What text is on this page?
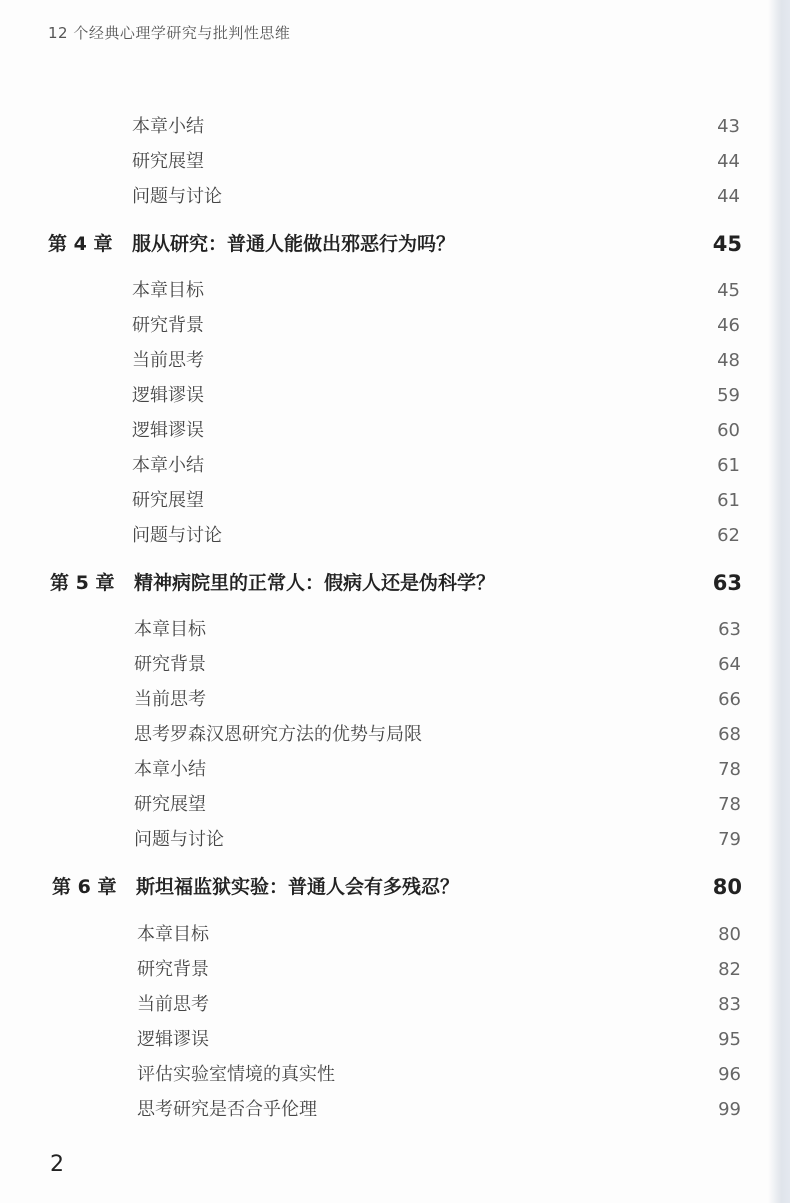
12 个经典心理学研究与批判性思维
本章小结	43
研究展望	44
问题与讨论	44
第 4 章 服从研究：普通人能做出邪恶行为吗？	45
本章目标	45
研究背景	46
当前思考	48
逻辑谬误	59
逻辑谬误	60
本章小结	61
研究展望	61
问题与讨论	62
第 5 章 精神病院里的正常人：假病人还是伪科学？	63
本章目标	63
研究背景	64
当前思考	66
思考罗森汉恩研究方法的优势与局限	68
本章小结	78
研究展望	78
问题与讨论	79
第 6 章 斯坦福监狱实验：普通人会有多残忍？	80
本章目标	80
研究背景	82
当前思考	83
逻辑谬误	95
评估实验室情境的真实性	96
思考研究是否合乎伦理	99
2
